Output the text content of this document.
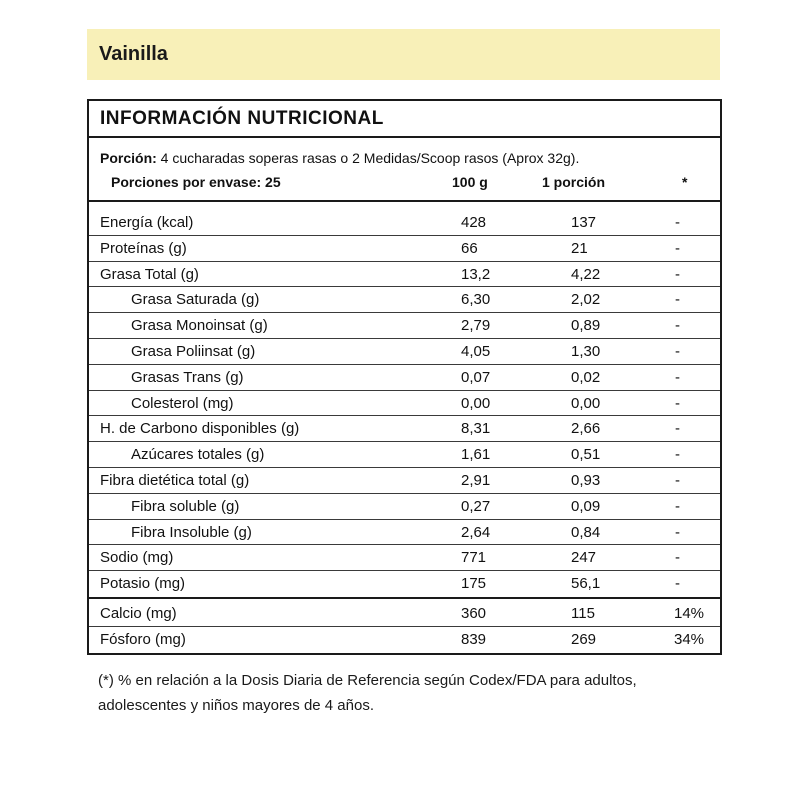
Vainilla
INFORMACIÓN NUTRICIONAL
Porción: 4 cucharadas soperas rasas o 2 Medidas/Scoop rasos (Aprox 32g).
Porciones por envase: 25	100 g	1 porción	*
Energía (kcal)	428	137	-
Proteínas (g)	66	21	-
Grasa Total (g)	13,2	4,22	-
Grasa Saturada (g)	6,30	2,02	-
Grasa Monoinsat (g)	2,79	0,89	-
Grasa Poliinsat (g)	4,05	1,30	-
Grasas Trans (g)	0,07	0,02	-
Colesterol (mg)	0,00	0,00	-
H. de Carbono disponibles (g)	8,31	2,66	-
Azúcares totales (g)	1,61	0,51	-
Fibra dietética total (g)	2,91	0,93	-
Fibra soluble (g)	0,27	0,09	-
Fibra Insoluble (g)	2,64	0,84	-
Sodio (mg)	771	247	-
Potasio (mg)	175	56,1	-
Calcio (mg)	360	115	14%
Fósforo (mg)	839	269	34%
(*) % en relación a la Dosis Diaria de Referencia según Codex/FDA para adultos, adolescentes y niños mayores de 4 años.
